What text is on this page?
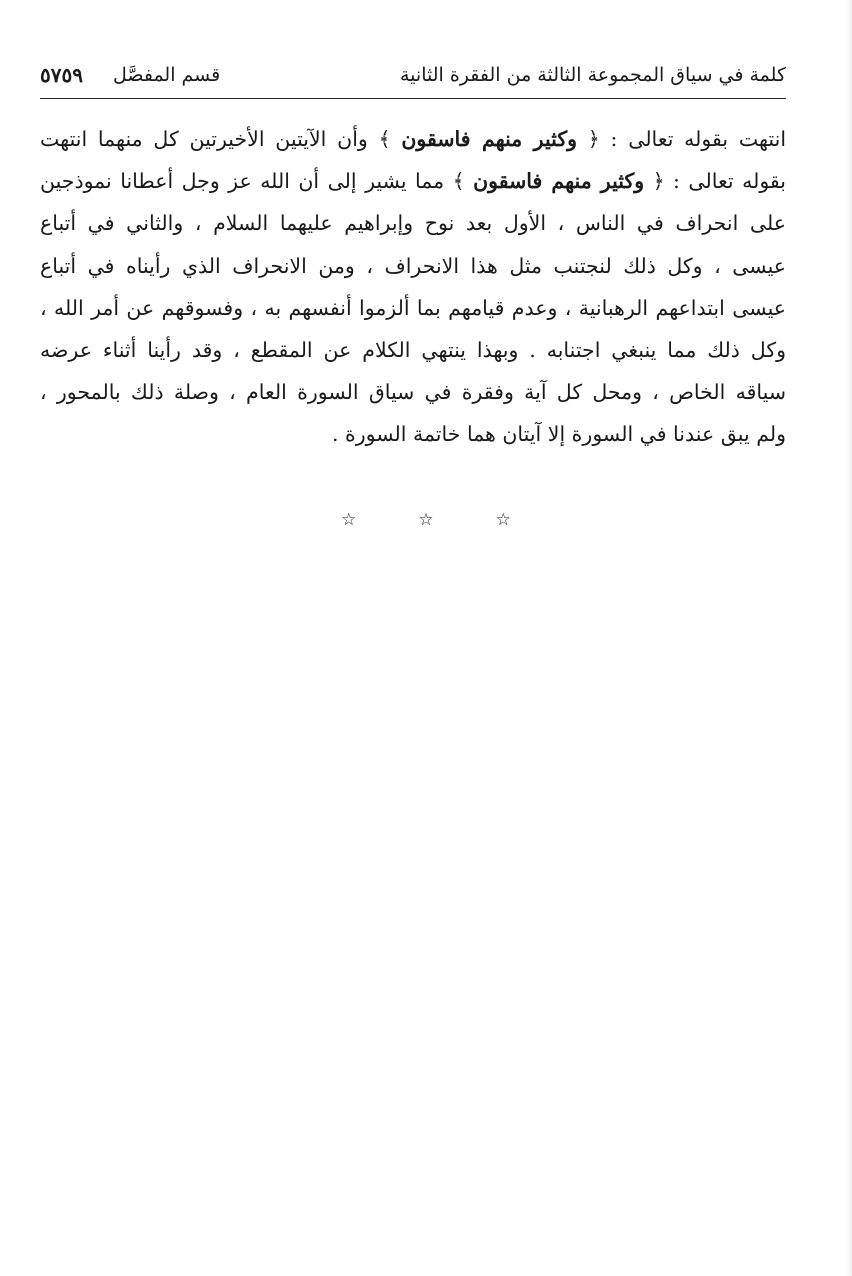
كلمة في سياق المجموعة الثالثة من الفقرة الثانية
قسم المفصَّل
٥٧٥٩
انتهت بقوله تعالى : ﴿ وكثير منهم فاسقون ﴾ وأن الآيتين الأخيرتين كل منهما انتهت
بقوله تعالى : ﴿ وكثير منهم فاسقون ﴾ مما يشير إلى أن الله عز وجل أعطانا نموذجين
على انحراف في الناس ، الأول بعد نوح وإبراهيم عليهما السلام ، والثاني في أتباع
عيسى ، وكل ذلك لنجتنب مثل هذا الانحراف ، ومن الانحراف الذي رأيناه في أتباع
عيسى ابتداعهم الرهبانية ، وعدم قيامهم بما ألزموا أنفسهم به ، وفسوقهم عن أمر الله ،
وكل ذلك مما ينبغي اجتنابه . وبهذا ينتهي الكلام عن المقطع ، وقد رأينا أثناء عرضه
سياقه الخاص ، ومحل كل آية وفقرة في سياق السورة العام ، وصلة ذلك بالمحور ،
ولم يبق عندنا في السورة إلا آيتان هما خاتمة السورة .
☆	☆	☆
